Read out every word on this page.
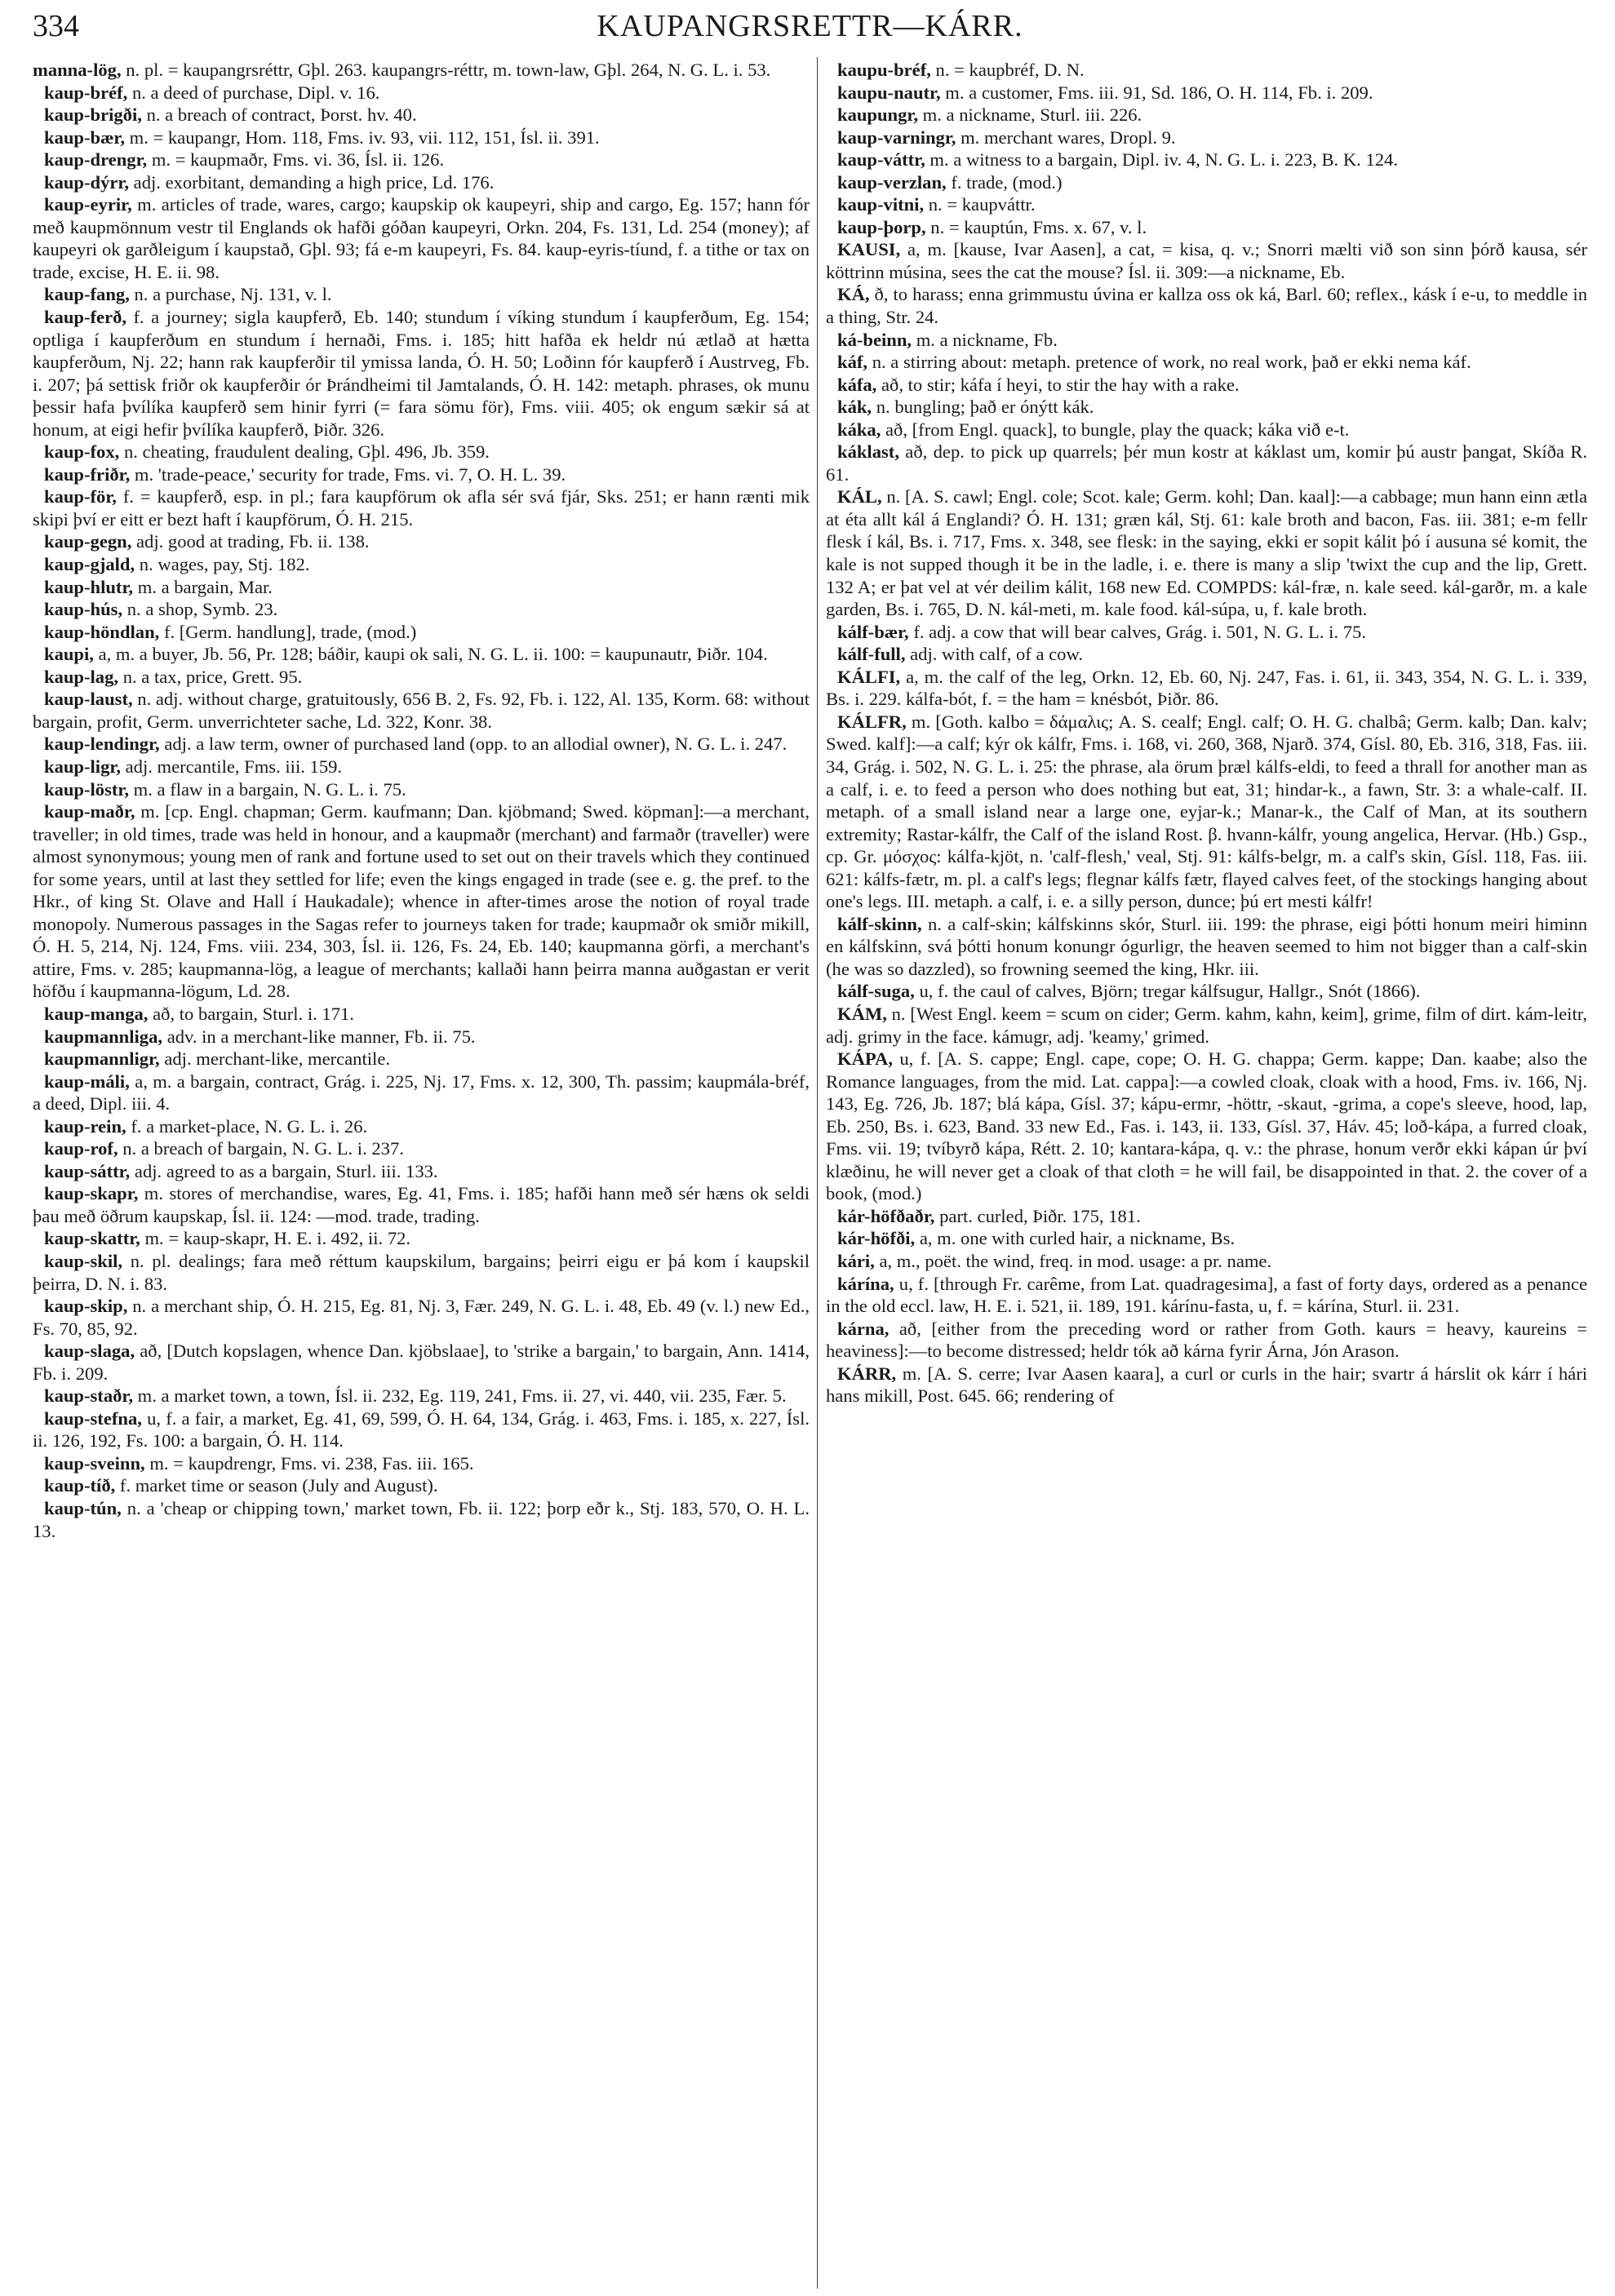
334	KAUPANGRSRETTR—KÁRR.

manna-lög, n. pl. = kaupangrsréttr, Gþl. 263. kaupangrs-réttr, m. town-law, Gþl. 264, N. G. L. i. 53.

kaup-bréf, n. a deed of purchase, Dipl. v. 16.

kaup-brigði, n. a breach of contract, Þorst. hv. 40.

kaup-bær, m. = kaupangr, Hom. 118, Fms. iv. 93, vii. 112, 151, Ísl. ii. 391.

kaup-drengr, m. = kaupmaðr, Fms. vi. 36, Ísl. ii. 126.

kaup-dýrr, adj. exorbitant, demanding a high price, Ld. 176.

kaup-eyrir, m. articles of trade, wares, cargo; kaupskip ok kaupeyri, ship and cargo, Eg. 157; hann fór með kaupmönnum vestr til Englands ok hafði góðan kaupeyri, Orkn. 204, Fs. 131, Ld. 254 (money); af kaupeyri ok garðleigum í kaupstað, Gþl. 93; fá e-m kaupeyri, Fs. 84. kaup-eyris-tíund, f. a tithe or tax on trade, excise, H. E. ii. 98.

kaup-fang, n. a purchase, Nj. 131, v. l.

kaup-ferð, f. a journey; sigla kaupferð, Eb. 140; stundum í víking stundum í kaupferðum, Eg. 154; optliga í kaupferðum en stundum í hernaði, Fms. i. 185; hitt hafða ek heldr nú ætlað at hætta kaupferðum, Nj. 22; hann rak kaupferðir til ymissa landa, Ó. H. 50; Loðinn fór kaupferð í Austrveg, Fb. i. 207; þá settisk friðr ok kaupferðir ór Þrándheimi til Jamtalands, Ó. H. 142: metaph. phrases, ok munu þessir hafa þvílíka kaupferð sem hinir fyrri (= fara sömu för), Fms. viii. 405; ok engum sækir sá at honum, at eigi hefir þvílíka kaupferð, Þiðr. 326.

kaup-fox, n. cheating, fraudulent dealing, Gþl. 496, Jb. 359.

kaup-friðr, m. 'trade-peace,' security for trade, Fms. vi. 7, O. H. L. 39.

kaup-för, f. = kaupferð, esp. in pl.; fara kaupförum ok afla sér svá fjár, Sks. 251; er hann rænti mik skipi því er eitt er bezt haft í kaupförum, Ó. H. 215.

kaup-gegn, adj. good at trading, Fb. ii. 138.

kaup-gjald, n. wages, pay, Stj. 182.

kaup-hlutr, m. a bargain, Mar.

kaup-hús, n. a shop, Symb. 23.

kaup-höndlan, f. [Germ. handlung], trade, (mod.)

kaupi, a, m. a buyer, Jb. 56, Pr. 128; báðir, kaupi ok sali, N. G. L. ii. 100: = kaupunautr, Þiðr. 104.

kaup-lag, n. a tax, price, Grett. 95.

kaup-laust, n. adj. without charge, gratuitously, 656 B. 2, Fs. 92, Fb. i. 122, Al. 135, Korm. 68: without bargain, profit, Germ. unverrichteter sache, Ld. 322, Konr. 38.

kaup-lendingr, adj. a law term, owner of purchased land (opp. to an allodial owner), N. G. L. i. 247.

kaup-ligr, adj. mercantile, Fms. iii. 159.

kaup-löstr, m. a flaw in a bargain, N. G. L. i. 75.

kaup-maðr, m. [cp. Engl. chapman; Germ. kaufmann; Dan. kjöbmand; Swed. köpman]:—a merchant, traveller; in old times, trade was held in honour, and a kaupmaðr (merchant) and farmaðr (traveller) were almost synonymous; young men of rank and fortune used to set out on their travels which they continued for some years, until at last they settled for life; even the kings engaged in trade (see e. g. the pref. to the Hkr., of king St. Olave and Hall í Haukadale); whence in after-times arose the notion of royal trade monopoly. Numerous passages in the Sagas refer to journeys taken for trade; kaupmaðr ok smiðr mikill, Ó. H. 5, 214, Nj. 124, Fms. viii. 234, 303, Ísl. ii. 126, Fs. 24, Eb. 140; kaupmanna görfi, a merchant's attire, Fms. v. 285; kaupmanna-lög, a league of merchants; kallaði hann þeirra manna auðgastan er verit höfðu í kaupmanna-lögum, Ld. 28.

kaup-manga, að, to bargain, Sturl. i. 171.

kaupmannliga, adv. in a merchant-like manner, Fb. ii. 75.

kaupmannligr, adj. merchant-like, mercantile.

kaup-máli, a, m. a bargain, contract, Grág. i. 225, Nj. 17, Fms. x. 12, 300, Th. passim; kaupmála-bréf, a deed, Dipl. iii. 4.

kaup-rein, f. a market-place, N. G. L. i. 26.

kaup-rof, n. a breach of bargain, N. G. L. i. 237.

kaup-sáttr, adj. agreed to as a bargain, Sturl. iii. 133.

kaup-skapr, m. stores of merchandise, wares, Eg. 41, Fms. i. 185; hafði hann með sér hæns ok seldi þau með öðrum kaupskap, Ísl. ii. 124: —mod. trade, trading.

kaup-skattr, m. = kaup-skapr, H. E. i. 492, ii. 72.

kaup-skil, n. pl. dealings; fara með réttum kaupskilum, bargains; þeirri eigu er þá kom í kaupskil þeirra, D. N. i. 83.

kaup-skip, n. a merchant ship, Ó. H. 215, Eg. 81, Nj. 3, Fær. 249, N. G. L. i. 48, Eb. 49 (v. l.) new Ed., Fs. 70, 85, 92.

kaup-slaga, að, [Dutch kopslagen, whence Dan. kjöbslaae], to 'strike a bargain,' to bargain, Ann. 1414, Fb. i. 209.

kaup-staðr, m. a market town, a town, Ísl. ii. 232, Eg. 119, 241, Fms. ii. 27, vi. 440, vii. 235, Fær. 5.

kaup-stefna, u, f. a fair, a market, Eg. 41, 69, 599, Ó. H. 64, 134, Grág. i. 463, Fms. i. 185, x. 227, Ísl. ii. 126, 192, Fs. 100: a bargain, Ó. H. 114.

kaup-sveinn, m. = kaupdrengr, Fms. vi. 238, Fas. iii. 165.

kaup-tíð, f. market time or season (July and August).

kaup-tún, n. a 'cheap or chipping town,' market town, Fb. ii. 122; þorp eðr k., Stj. 183, 570, O. H. L. 13.

kaupu-bréf, n. = kaupbréf, D. N.

kaupu-nautr, m. a customer, Fms. iii. 91, Sd. 186, O. H. 114, Fb. i. 209.

kaupungr, m. a nickname, Sturl. iii. 226.

kaup-varningr, m. merchant wares, Dropl. 9.

kaup-váttr, m. a witness to a bargain, Dipl. iv. 4, N. G. L. i. 223, B. K. 124.

kaup-verzlan, f. trade, (mod.)

kaup-vitni, n. = kaupváttr.

kaup-þorp, n. = kauptún, Fms. x. 67, v. l.

KAUSI, a, m. [kause, Ivar Aasen], a cat, = kisa, q. v.; Snorri mælti við son sinn þórð kausa, sér köttrinn músina, sees the cat the mouse? Ísl. ii. 309:—a nickname, Eb.

KÁ, ð, to harass; enna grimmustu úvina er kallza oss ok ká, Barl. 60; reflex., kásk í e-u, to meddle in a thing, Str. 24.

ká-beinn, m. a nickname, Fb.

káf, n. a stirring about: metaph. pretence of work, no real work, það er ekki nema káf.

káfa, að, to stir; káfa í heyi, to stir the hay with a rake.

kák, n. bungling; það er ónýtt kák.

káka, að, [from Engl. quack], to bungle, play the quack; káka við e-t.

káklast, að, dep. to pick up quarrels; þér mun kostr at káklast um, komir þú austr þangat, Skíða R. 61.

KÁL, n. [A. S. cawl; Engl. cole; Scot. kale; Germ. kohl; Dan. kaal]:—a cabbage; mun hann einn ætla at éta allt kál á Englandi? Ó. H. 131; græn kál, Stj. 61: kale broth and bacon, Fas. iii. 381; e-m fellr flesk í kál, Bs. i. 717, Fms. x. 348, see flesk: in the saying, ekki er sopit kálit þó í ausuna sé komit, the kale is not supped though it be in the ladle, i. e. there is many a slip 'twixt the cup and the lip, Grett. 132 A; er þat vel at vér deilim kálit, 168 new Ed. COMPDS: kál-fræ, n. kale seed. kál-garðr, m. a kale garden, Bs. i. 765, D. N. kál-meti, m. kale food. kál-súpa, u, f. kale broth.

kálf-bær, f. adj. a cow that will bear calves, Grág. i. 501, N. G. L. i. 75.

kálf-full, adj. with calf, of a cow.

KÁLFI, a, m. the calf of the leg, Orkn. 12, Eb. 60, Nj. 247, Fas. i. 61, ii. 343, 354, N. G. L. i. 339, Bs. i. 229. kálfa-bót, f. = the ham = knésbót, Þiðr. 86.

KÁLFR, m. [Goth. kalbo = δάμαλις; A. S. cealf; Engl. calf; O. H. G. chalbâ; Germ. kalb; Dan. kalv; Swed. kalf]:—a calf; kýr ok kálfr, Fms. i. 168, vi. 260, 368, Njarð. 374, Gísl. 80, Eb. 316, 318, Fas. iii. 34, Grág. i. 502, N. G. L. i. 25: the phrase, ala örum þræl kálfs-eldi, to feed a thrall for another man as a calf, i. e. to feed a person who does nothing but eat, 31; hindar-k., a fawn, Str. 3: a whale-calf. II. metaph. of a small island near a large one, eyjar-k.; Manar-k., the Calf of Man, at its southern extremity; Rastar-kálfr, the Calf of the island Rost. β. hvann-kálfr, young angelica, Hervar. (Hb.) Gsp., cp. Gr. μόσχος: kálfa-kjöt, n. 'calf-flesh,' veal, Stj. 91: kálfs-belgr, m. a calf's skin, Gísl. 118, Fas. iii. 621: kálfs-fætr, m. pl. a calf's legs; flegnar kálfs fætr, flayed calves feet, of the stockings hanging about one's legs. III. metaph. a calf, i. e. a silly person, dunce; þú ert mesti kálfr!

kálf-skinn, n. a calf-skin; kálfskinns skór, Sturl. iii. 199: the phrase, eigi þótti honum meiri himinn en kálfskinn, svá þótti honum konungr ógurligr, the heaven seemed to him not bigger than a calf-skin (he was so dazzled), so frowning seemed the king, Hkr. iii.

kálf-suga, u, f. the caul of calves, Björn; tregar kálfsugur, Hallgr., Snót (1866).

KÁM, n. [West Engl. keem = scum on cider; Germ. kahm, kahn, keim], grime, film of dirt. kám-leitr, adj. grimy in the face. kámugr, adj. 'keamy,' grimed.

KÁPA, u, f. [A. S. cappe; Engl. cape, cope; O. H. G. chappa; Germ. kappe; Dan. kaabe; also the Romance languages, from the mid. Lat. cappa]:—a cowled cloak, cloak with a hood, Fms. iv. 166, Nj. 143, Eg. 726, Jb. 187; blá kápa, Gísl. 37; kápu-ermr, -höttr, -skaut, -grima, a cope's sleeve, hood, lap, Eb. 250, Bs. i. 623, Band. 33 new Ed., Fas. i. 143, ii. 133, Gísl. 37, Háv. 45; loð-kápa, a furred cloak, Fms. vii. 19; tvíbyrð kápa, Rétt. 2. 10; kantara-kápa, q. v.: the phrase, honum verðr ekki kápan úr því klæðinu, he will never get a cloak of that cloth = he will fail, be disappointed in that. 2. the cover of a book, (mod.)

kár-höfðaðr, part. curled, Þiðr. 175, 181.

kár-höfði, a, m. one with curled hair, a nickname, Bs.

kári, a, m., poët. the wind, freq. in mod. usage: a pr. name.

kárína, u, f. [through Fr. carême, from Lat. quadragesima], a fast of forty days, ordered as a penance in the old eccl. law, H. E. i. 521, ii. 189, 191. kárínu-fasta, u, f. = kárína, Sturl. ii. 231.

kárna, að, [either from the preceding word or rather from Goth. kaurs = heavy, kaureins = heaviness]:—to become distressed; heldr tók að kárna fyrir Árna, Jón Arason.

KÁRR, m. [A. S. cerre; Ivar Aasen kaara], a curl or curls in the hair; svartr á hárslit ok kárr í hári hans mikill, Post. 645. 66; rendering of
